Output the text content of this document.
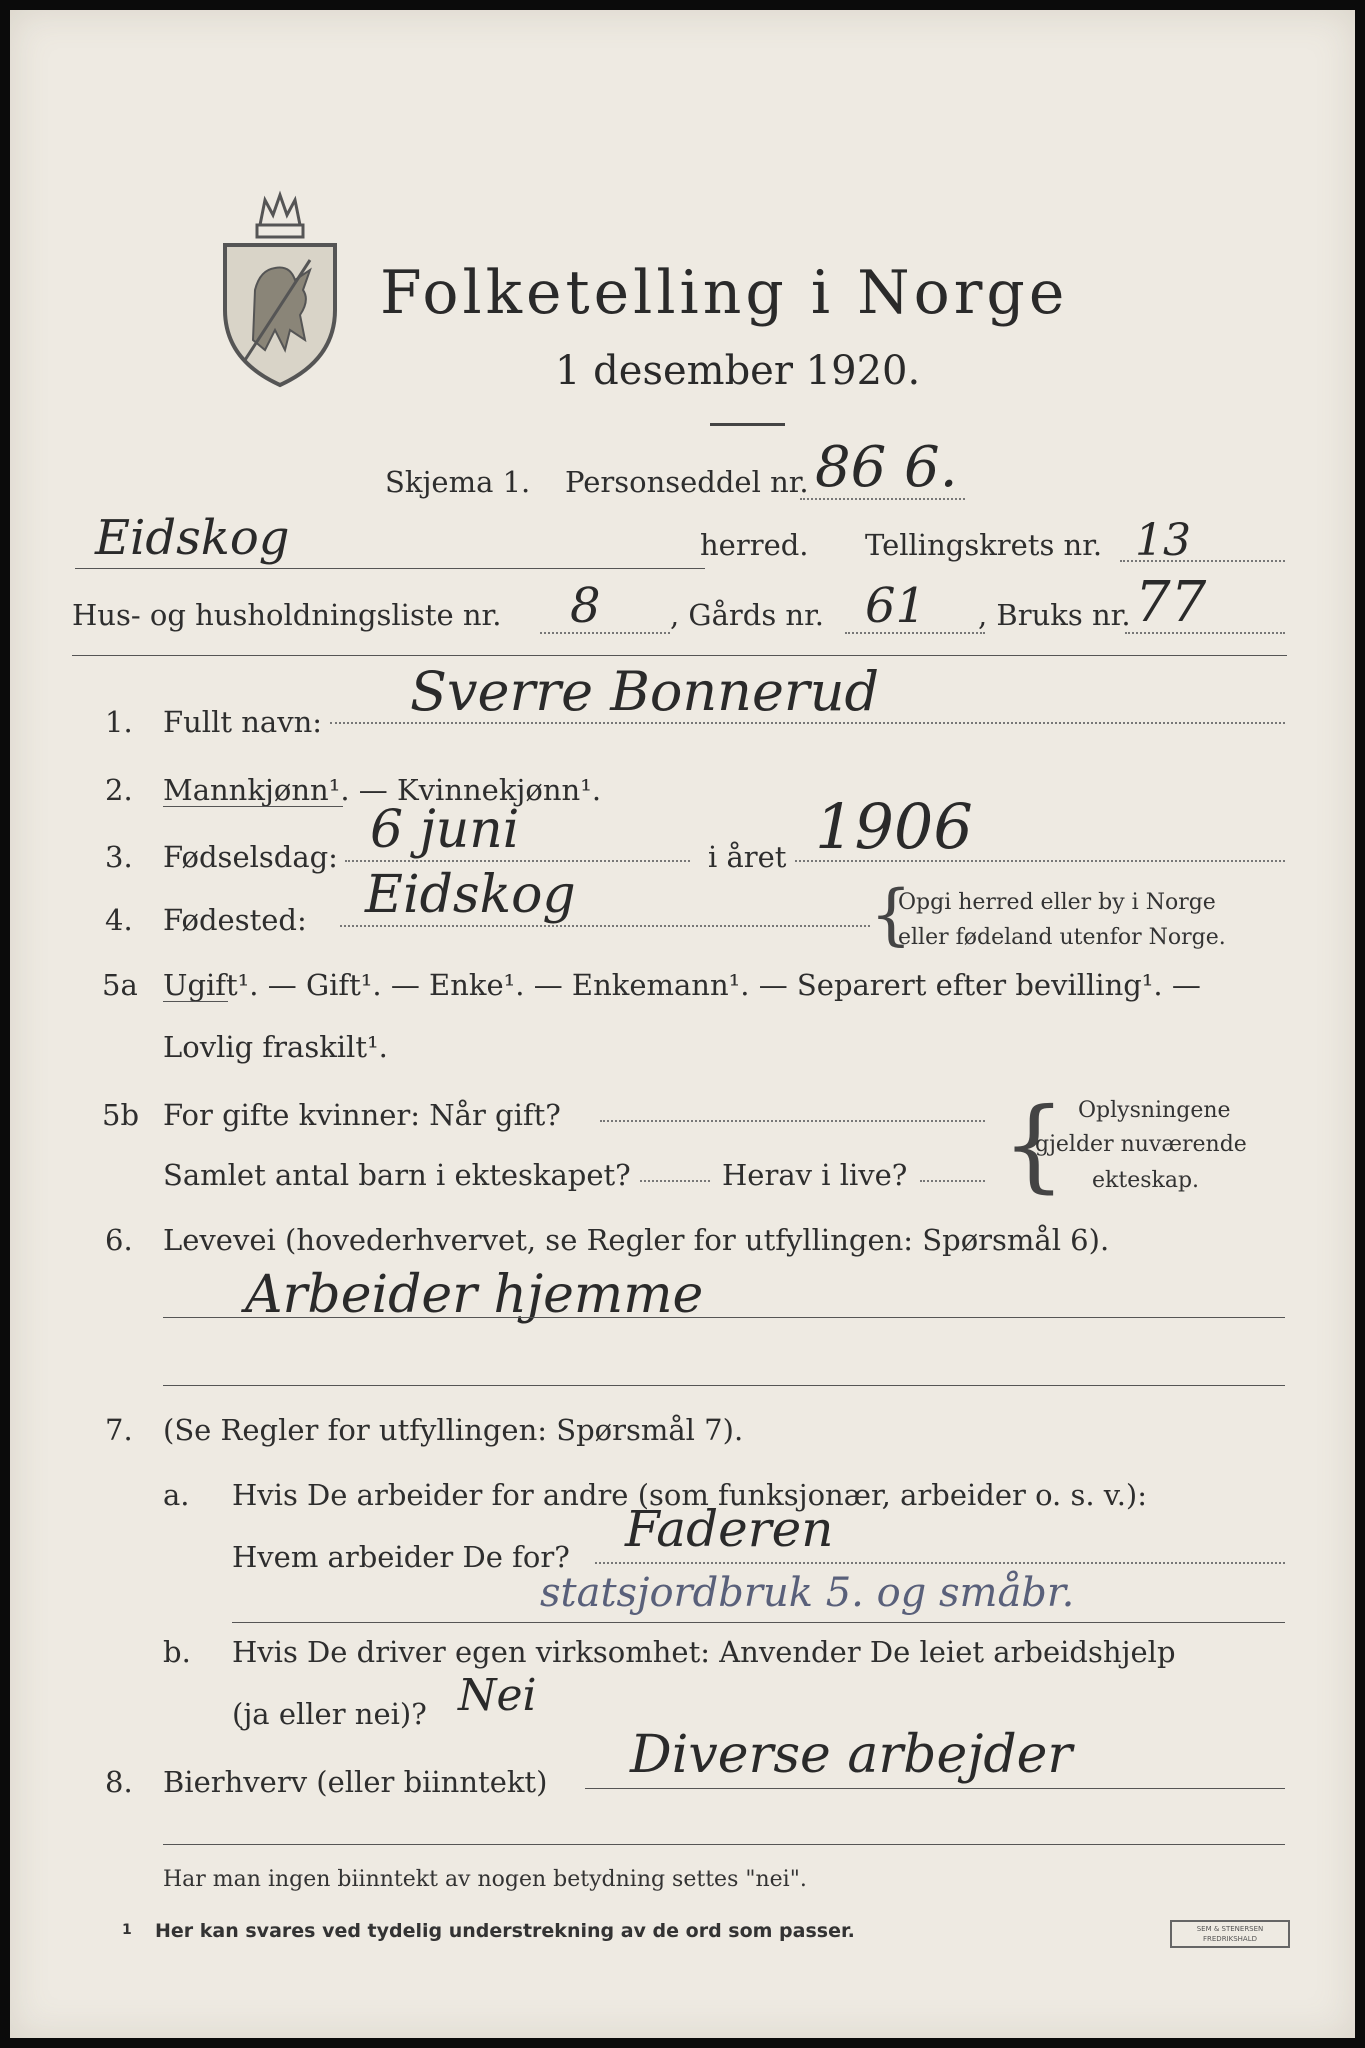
Folketelling i Norge
1 desember 1920.
Skjema 1. Personseddel nr. 86 6.
Eidskog	herred. Tellingskrets nr. 13
Hus- og husholdningsliste nr. 8 , Gårds nr. 61 , Bruks nr. 77
1. Fullt navn: Sverre Bonnerud
2. Mannkjønn¹. — Kvinnekjønn¹.
3. Fødselsdag: 6 juni	i året 1906
4. Fødested: Eidskog	{
Opgi herred eller by i Norge
eller fødeland utenfor Norge.
5a Ugift¹. — Gift¹. — Enke¹. — Enkemann¹. — Separert efter bevilling¹. —
Lovlig fraskilt¹.
5b For gifte kvinner: Når gift?
Samlet antal barn i ekteskapet?	Herav i live? { Oplysningene
gjelder nuværende
ekteskap.
6. Levevei (hovederhvervet, se Regler for utfyllingen: Spørsmål 6).
Arbeider hjemme
7. (Se Regler for utfyllingen: Spørsmål 7).
a. Hvis De arbeider for andre (som funksjonær, arbeider o. s. v.):
Hvem arbeider De for? Faderen
statsjordbruk 5. og småbr.
b. Hvis De driver egen virksomhet: Anvender De leiet arbeidshjelp
(ja eller nei)? Nei
8. Bierhverv (eller biinntekt) Diverse arbejder
Har man ingen biinntekt av nogen betydning settes "nei".
1 Her kan svares ved tydelig understrekning av de ord som passer.	SEM & STENERSEN
FREDRIKSHALD
